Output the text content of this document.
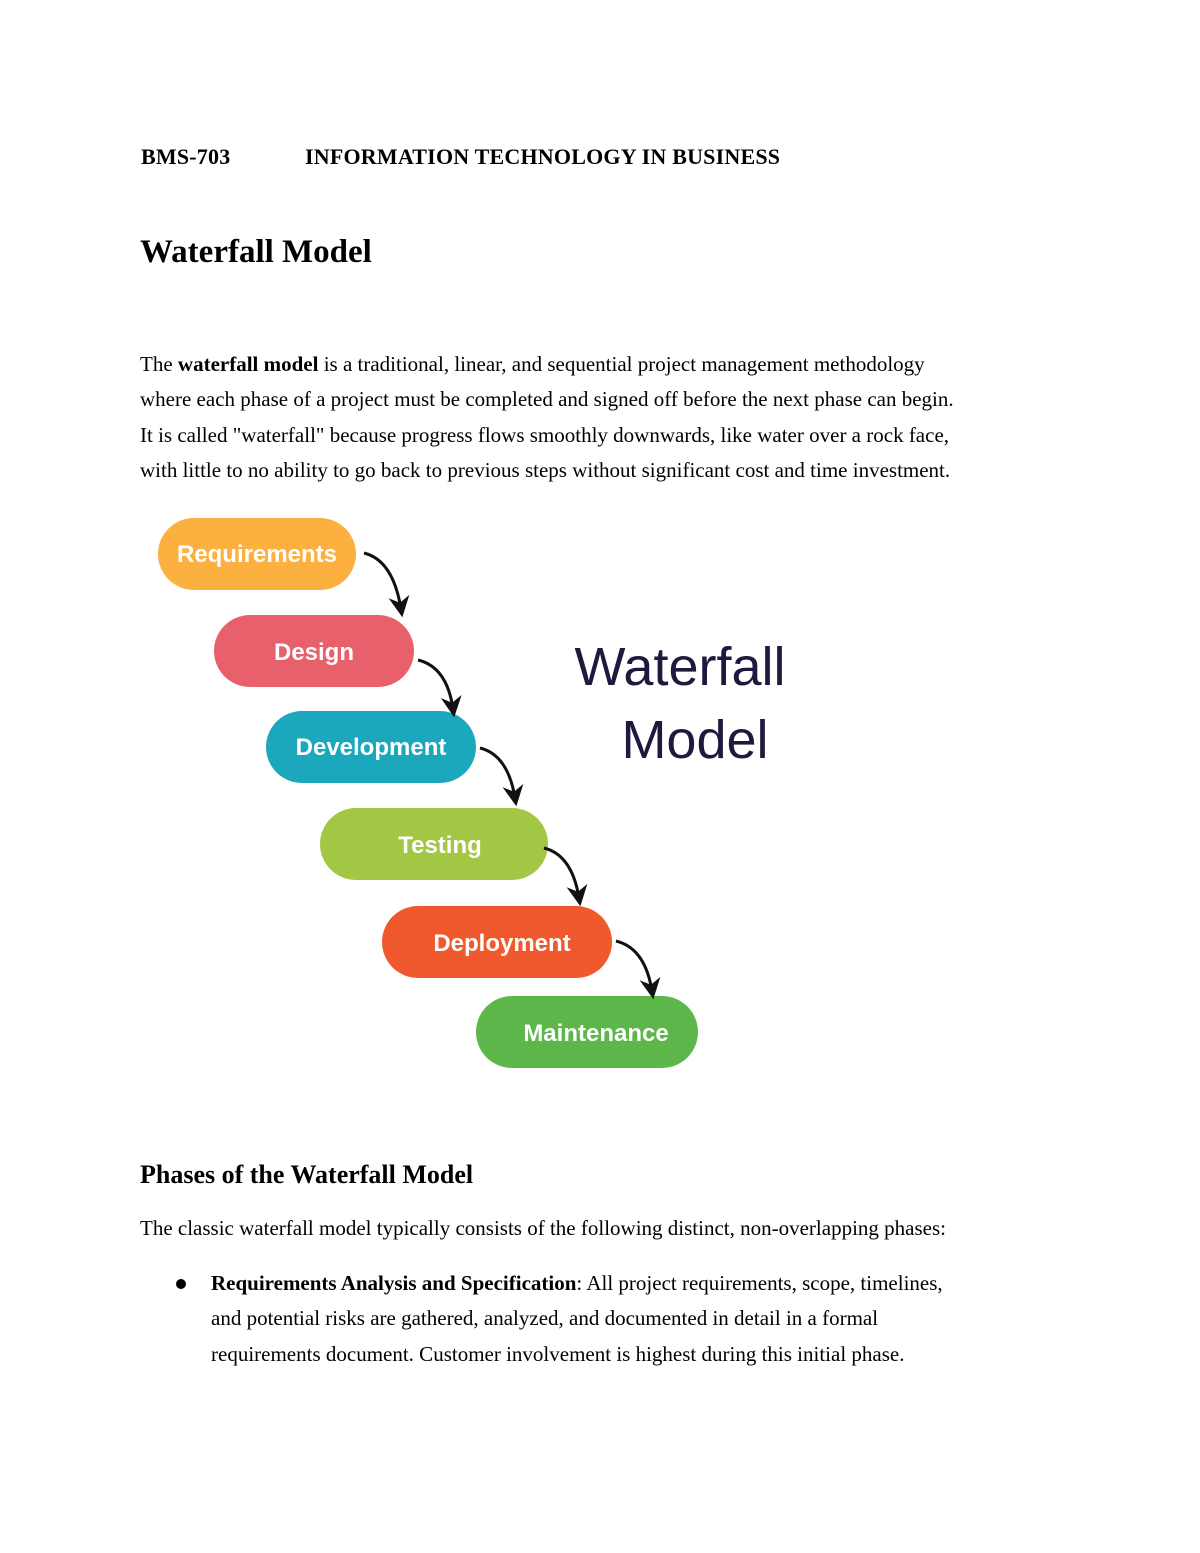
BMS-703	INFORMATION TECHNOLOGY IN BUSINESS
Waterfall Model

The waterfall model is a traditional, linear, and sequential project management methodology
where each phase of a project must be completed and signed off before the next phase can begin.
It is called "waterfall" because progress flows smoothly downwards, like water over a rock face,
with little to no ability to go back to previous steps without significant cost and time investment.

Requirements
Design
Development
Testing
Deployment
Maintenance
Waterfall
Model
Phases of the Waterfall Model

The classic waterfall model typically consists of the following distinct, non-overlapping phases:

Requirements Analysis and Specification: All project requirements, scope, timelines,
and potential risks are gathered, analyzed, and documented in detail in a formal
requirements document. Customer involvement is highest during this initial phase.
